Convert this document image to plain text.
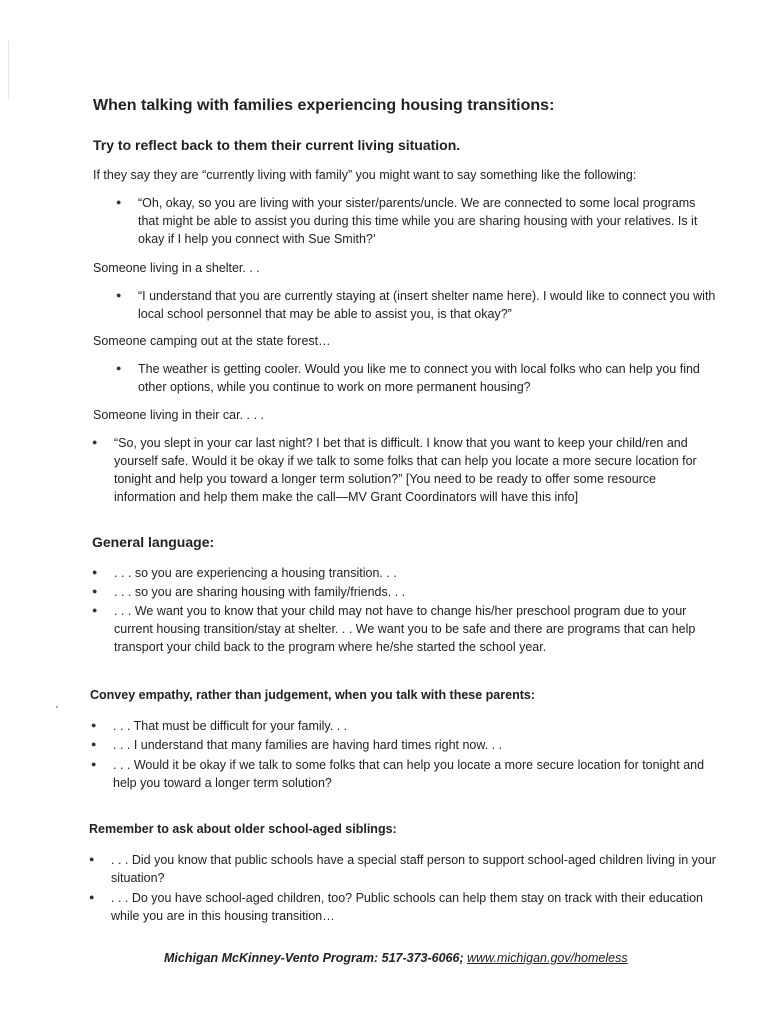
When talking with families experiencing housing transitions:
Try to reflect back to them their current living situation.
If they say they are “currently living with family” you might want to say something like the following:
● “Oh, okay, so you are living with your sister/parents/uncle. We are connected to some local programs that might be able to assist you during this time while you are sharing housing with your relatives. Is it okay if I help you connect with Sue Smith?’
Someone living in a shelter. . .
● “I understand that you are currently staying at (insert shelter name here). I would like to connect you with local school personnel that may be able to assist you, is that okay?”
Someone camping out at the state forest…
● The weather is getting cooler. Would you like me to connect you with local folks who can help you find other options, while you continue to work on more permanent housing?
Someone living in their car. . . .
● “So, you slept in your car last night? I bet that is difficult. I know that you want to keep your child/ren and yourself safe. Would it be okay if we talk to some folks that can help you locate a more secure location for tonight and help you toward a longer term solution?” [You need to be ready to offer some resource information and help them make the call—MV Grant Coordinators will have this info]
General language:
● . . . so you are experiencing a housing transition. . .
● . . . so you are sharing housing with family/friends. . .
● . . . We want you to know that your child may not have to change his/her preschool program due to your current housing transition/stay at shelter. . . We want you to be safe and there are programs that can help transport your child back to the program where he/she started the school year.
Convey empathy, rather than judgement, when you talk with these parents:
● . . . That must be difficult for your family. . .
● . . . I understand that many families are having hard times right now. . .
● . . . Would it be okay if we talk to some folks that can help you locate a more secure location for tonight and help you toward a longer term solution?
Remember to ask about older school-aged siblings:
● . . . Did you know that public schools have a special staff person to support school-aged children living in your situation?
● . . . Do you have school-aged children, too? Public schools can help them stay on track with their education while you are in this housing transition…
Michigan McKinney-Vento Program: 517-373-6066; www.michigan.gov/homeless
